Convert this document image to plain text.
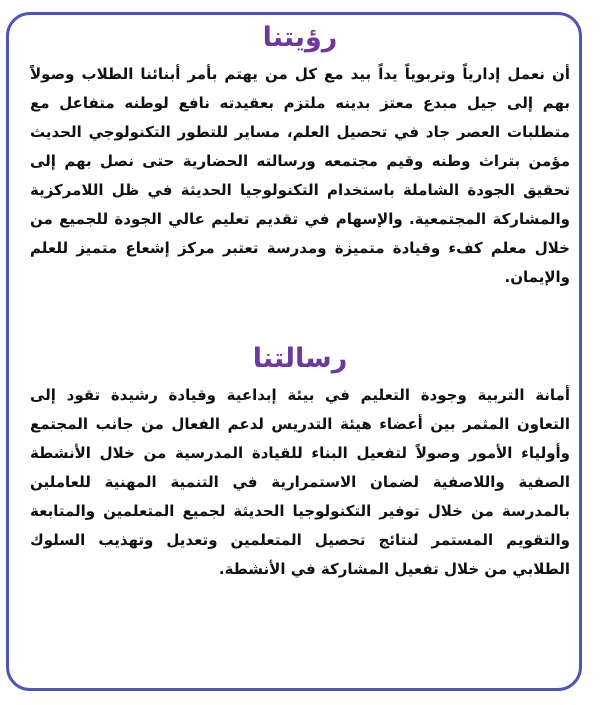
رؤيتنا

أن نعمل إدارياً وتربوياً يداً بيد مع كل من يهتم بأمر أبنائنا الطلاب وصولاً بهم إلى جيل مبدع معتز بدينه ملتزم بعقيدته نافع لوطنه متفاعل مع متطلبات العصر جاد في تحصيل العلم، مساير للتطور التكنولوجي الحديث مؤمن بتراث وطنه وقيم مجتمعه ورسالته الحضارية حتى نصل بهم إلى تحقيق الجودة الشاملة باستخدام التكنولوجيا الحديثة في ظل اللامركزية والمشاركة المجتمعية. والإسهام في تقديم تعليم عالي الجودة للجميع من خلال معلم كفء وقيادة متميزة ومدرسة تعتبر مركز إشعاع متميز للعلم والإيمان.

رسالتنا

أمانة التربية وجودة التعليم في بيئة إبداعية وقيادة رشيدة تقود إلى التعاون المثمر بين أعضاء هيئة التدريس لدعم الفعال من جانب المجتمع وأولياء الأمور وصولاً لتفعيل البناء للقيادة المدرسية من خلال الأنشطة الصفية واللاصفية لضمان الاستمرارية في التنمية المهنية للعاملين بالمدرسة من خلال توفير التكنولوجيا الحديثة لجميع المتعلمين والمتابعة والتقويم المستمر لنتائج تحصيل المتعلمين وتعديل وتهذيب السلوك الطلابي من خلال تفعيل المشاركة في الأنشطة.
